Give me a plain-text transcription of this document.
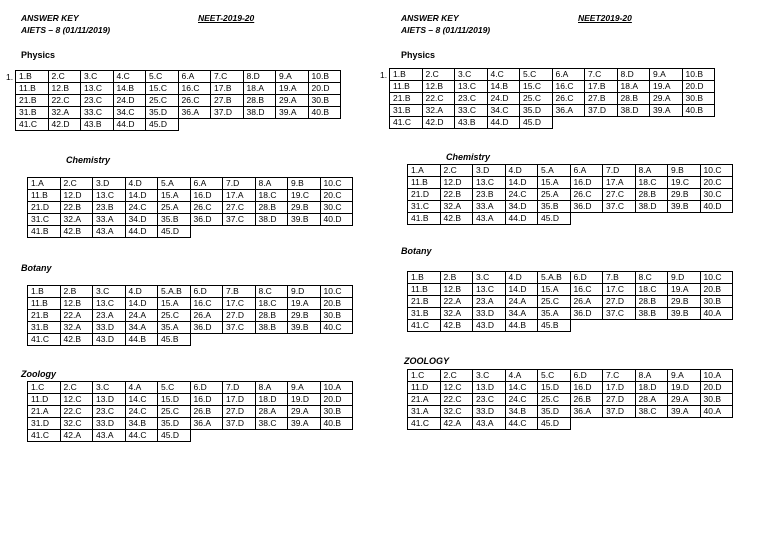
ANSWER KEY
AIETS – 8 (01/11/2019)
NEET-2019-20
Physics
1. 1.B	2.C	3.C	4.C	5.C	6.A	7.C	8.D	9.A	10.B
11.B	12.B	13.C	14.B	15.C	16.C	17.B	18.A	19.A	20.D
21.B	22.C	23.C	24.D	25.C	26.C	27.B	28.B	29.A	30.B
31.B	32.A	33.C	34.C	35.D	36.A	37.D	38.D	39.A	40.B
41.C	42.D	43.B	44.D	45.D					
Chemistry
1.A	2.C	3.D	4.D	5.A	6.A	7.D	8.A	9.B	10.C
11.B	12.D	13.C	14.D	15.A	16.D	17.A	18.C	19.C	20.C
21.D	22.B	23.B	24.C	25.A	26.C	27.C	28.B	29.B	30.C
31.C	32.A	33.A	34.D	35.B	36.D	37.C	38.D	39.B	40.D
41.B	42.B	43.A	44.D	45.D					
Botany
1.B	2.B	3.C	4.D	5.A.B	6.D	7.B	8.C	9.D	10.C
11.B	12.B	13.C	14.D	15.A	16.C	17.C	18.C	19.A	20.B
21.B	22.A	23.A	24.A	25.C	26.A	27.D	28.B	29.B	30.B
31.B	32.A	33.D	34.A	35.A	36.D	37.C	38.B	39.B	40.C
41.C	42.B	43.D	44.B	45.B					
Zoology
1.C	2.C	3.C	4.A	5.C	6.D	7.D	8.A	9.A	10.A
11.D	12.C	13.D	14.C	15.D	16.D	17.D	18.D	19.D	20.D
21.A	22.C	23.C	24.C	25.C	26.B	27.D	28.A	29.A	30.B
31.D	32.C	33.D	34.B	35.D	36.A	37.D	38.C	39.A	40.B
41.C	42.A	43.A	44.C	45.D					
ANSWER KEY
AIETS – 8 (01/11/2019)
NEET2019-20
Physics
1. 1.B	2.C	3.C	4.C	5.C	6.A	7.C	8.D	9.A	10.B
11.B	12.B	13.C	14.B	15.C	16.C	17.B	18.A	19.A	20.D
21.B	22.C	23.C	24.D	25.C	26.C	27.B	28.B	29.A	30.B
31.B	32.A	33.C	34.C	35.D	36.A	37.D	38.D	39.A	40.B
41.C	42.D	43.B	44.D	45.D					
Chemistry
1.A	2.C	3.D	4.D	5.A	6.A	7.D	8.A	9.B	10.C
11.B	12.D	13.C	14.D	15.A	16.D	17.A	18.C	19.C	20.C
21.D	22.B	23.B	24.C	25.A	26.C	27.C	28.B	29.B	30.C
31.C	32.A	33.A	34.D	35.B	36.D	37.C	38.D	39.B	40.D
41.B	42.B	43.A	44.D	45.D					
Botany
1.B	2.B	3.C	4.D	5.A.B	6.D	7.B	8.C	9.D	10.C
11.B	12.B	13.C	14.D	15.A	16.C	17.C	18.C	19.A	20.B
21.B	22.A	23.A	24.A	25.C	26.A	27.D	28.B	29.B	30.B
31.B	32.A	33.D	34.A	35.A	36.D	37.C	38.B	39.B	40.A
41.C	42.B	43.D	44.B	45.B					
ZOOLOGY
1.C	2.C	3.C	4.A	5.C	6.D	7.C	8.A	9.A	10.A
11.D	12.C	13.D	14.C	15.D	16.D	17.D	18.D	19.D	20.D
21.A	22.C	23.C	24.C	25.C	26.B	27.D	28.A	29.A	30.B
31.A	32.C	33.D	34.B	35.D	36.A	37.D	38.C	39.A	40.A
41.C	42.A	43.A	44.C	45.D					
